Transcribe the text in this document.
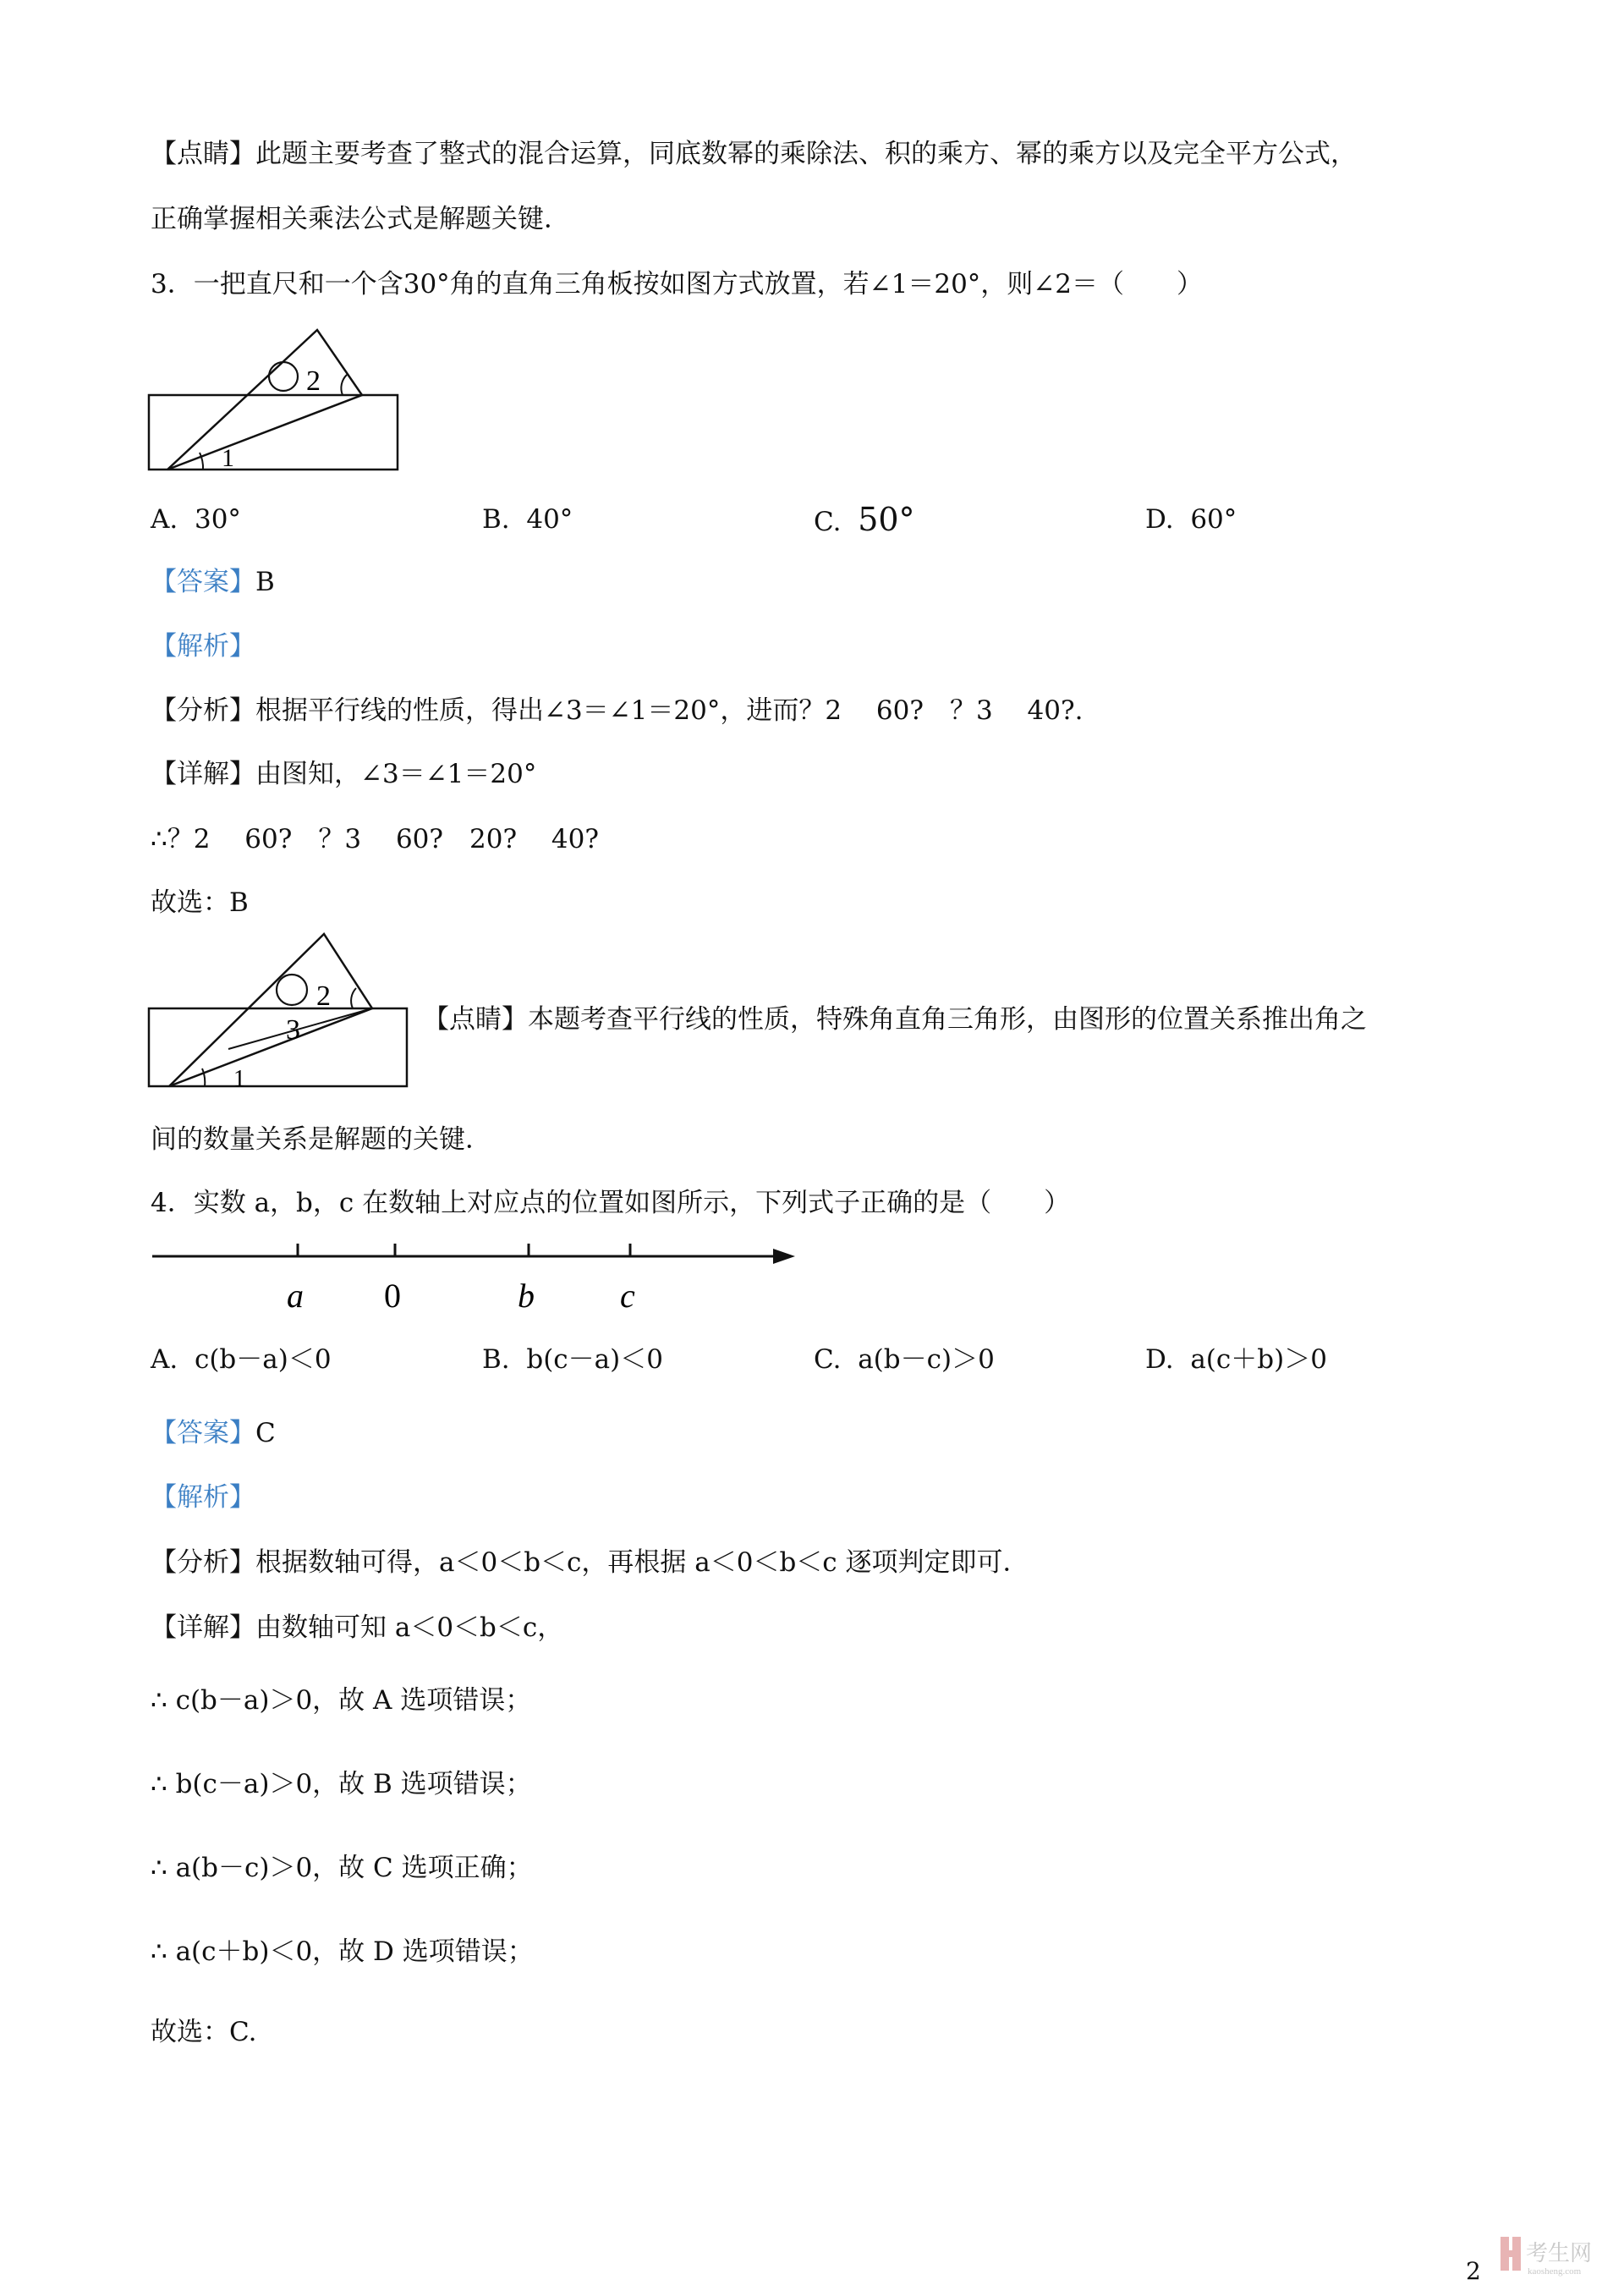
【点睛】此题主要考查了整式的混合运算，同底数幂的乘除法、积的乘方、幂的乘方以及完全平方公式，
正确掌握相关乘法公式是解题关键．
3．一把直尺和一个含30°角的直角三角板按如图方式放置，若∠1＝20°，则∠2＝（　　）
2
1
A. 30°	B. 40°	C. 50°	D. 60°
【答案】B
【解析】
【分析】根据平行线的性质，得出∠3＝∠1＝20°，进而？2　 60?　？3　 40?.
【详解】由图知，∠3＝∠1＝20°
∴？2　 60?　？3　 60?　20?　 40?
故选：B
2
3
1
【点睛】本题考查平行线的性质，特殊角直角三角形，由图形的位置关系推出角之
间的数量关系是解题的关键．
4．实数 a，b，c 在数轴上对应点的位置如图所示，下列式子正确的是（　　）
a 0	b	c
A. c(b－a)＜0	B. b(c－a)＜0	C. a(b－c)＞0	D. a(c＋b)＞0
【答案】C
【解析】
【分析】根据数轴可得，a＜0＜b＜c，再根据 a＜0＜b＜c 逐项判定即可．
【详解】由数轴可知 a＜0＜b＜c，
∴ c(b－a)＞0，故 A 选项错误；
∴ b(c－a)＞0，故 B 选项错误；
∴ a(b－c)＞0，故 C 选项正确；
∴ a(c＋b)＜0，故 D 选项错误；
故选：C.
2
考生网
kaosheng.com
